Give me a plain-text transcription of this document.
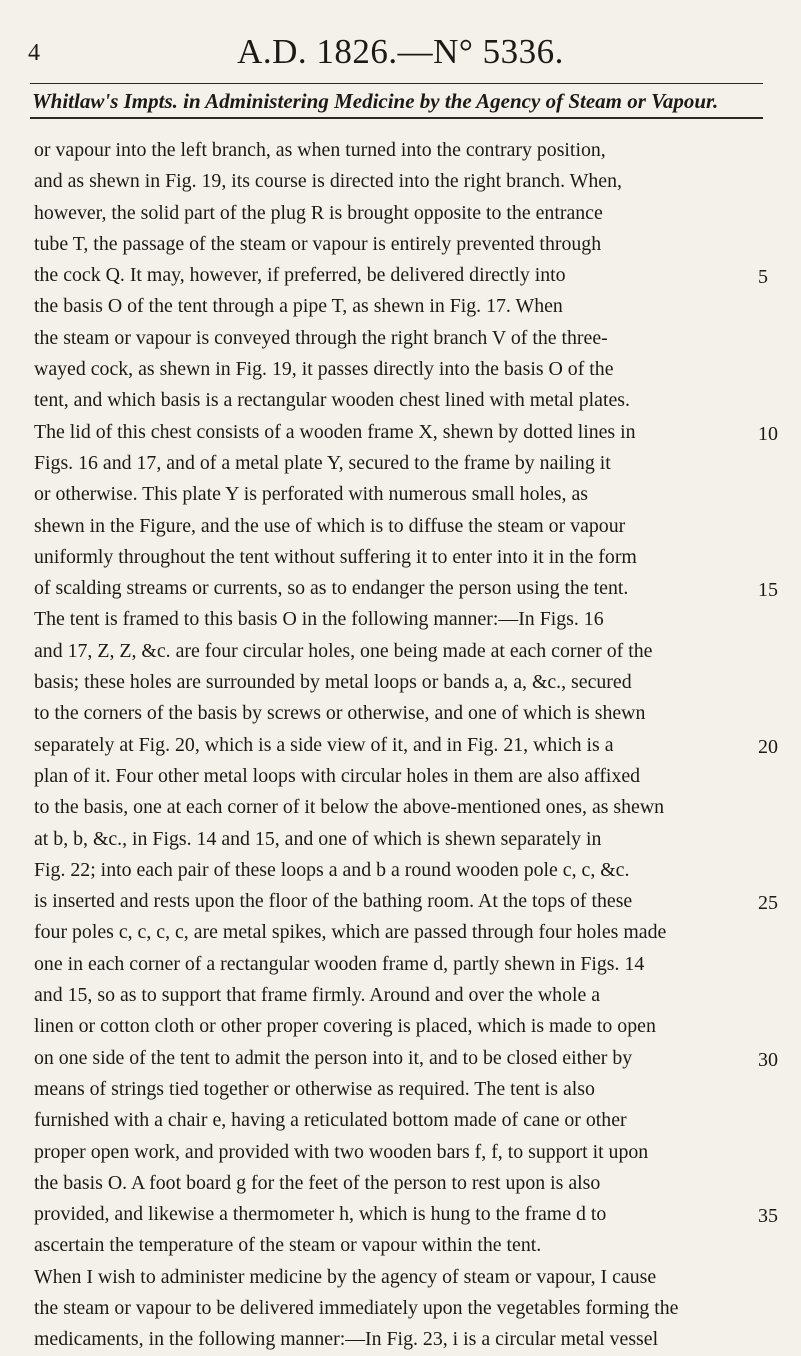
4	A.D. 1826.—N° 5336.
Whitlaw's Impts. in Administering Medicine by the Agency of Steam or Vapour.
or vapour into the left branch, as when turned into the contrary position,
and as shewn in Fig. 19, its course is directed into the right branch. When,
however, the solid part of the plug R is brought opposite to the entrance
tube T, the passage of the steam or vapour is entirely prevented through
the cock Q. It may, however, if preferred, be delivered directly into
the basis O of the tent through a pipe T, as shewn in Fig. 17. When
the steam or vapour is conveyed through the right branch V of the three-
wayed cock, as shewn in Fig. 19, it passes directly into the basis O of the
tent, and which basis is a rectangular wooden chest lined with metal plates.
The lid of this chest consists of a wooden frame X, shewn by dotted lines in
Figs. 16 and 17, and of a metal plate Y, secured to the frame by nailing it
or otherwise. This plate Y is perforated with numerous small holes, as
shewn in the Figure, and the use of which is to diffuse the steam or vapour
uniformly throughout the tent without suffering it to enter into it in the form
of scalding streams or currents, so as to endanger the person using the tent.
The tent is framed to this basis O in the following manner:—In Figs. 16
and 17, Z, Z, &c. are four circular holes, one being made at each corner of the
basis; these holes are surrounded by metal loops or bands a, a, &c., secured
to the corners of the basis by screws or otherwise, and one of which is shewn
separately at Fig. 20, which is a side view of it, and in Fig. 21, which is a
plan of it. Four other metal loops with circular holes in them are also affixed
to the basis, one at each corner of it below the above-mentioned ones, as shewn
at b, b, &c., in Figs. 14 and 15, and one of which is shewn separately in
Fig. 22; into each pair of these loops a and b a round wooden pole c, c, &c.
is inserted and rests upon the floor of the bathing room. At the tops of these
four poles c, c, c, c, are metal spikes, which are passed through four holes made
one in each corner of a rectangular wooden frame d, partly shewn in Figs. 14
and 15, so as to support that frame firmly. Around and over the whole a
linen or cotton cloth or other proper covering is placed, which is made to open
on one side of the tent to admit the person into it, and to be closed either by
means of strings tied together or otherwise as required. The tent is also
furnished with a chair e, having a reticulated bottom made of cane or other
proper open work, and provided with two wooden bars f, f, to support it upon
the basis O. A foot board g for the feet of the person to rest upon is also
provided, and likewise a thermometer h, which is hung to the frame d to
ascertain the temperature of the steam or vapour within the tent.
When I wish to administer medicine by the agency of steam or vapour, I cause
the steam or vapour to be delivered immediately upon the vegetables forming the
medicaments, in the following manner:—In Fig. 23, i is a circular metal vessel
5
10
15
20
25
30
35
